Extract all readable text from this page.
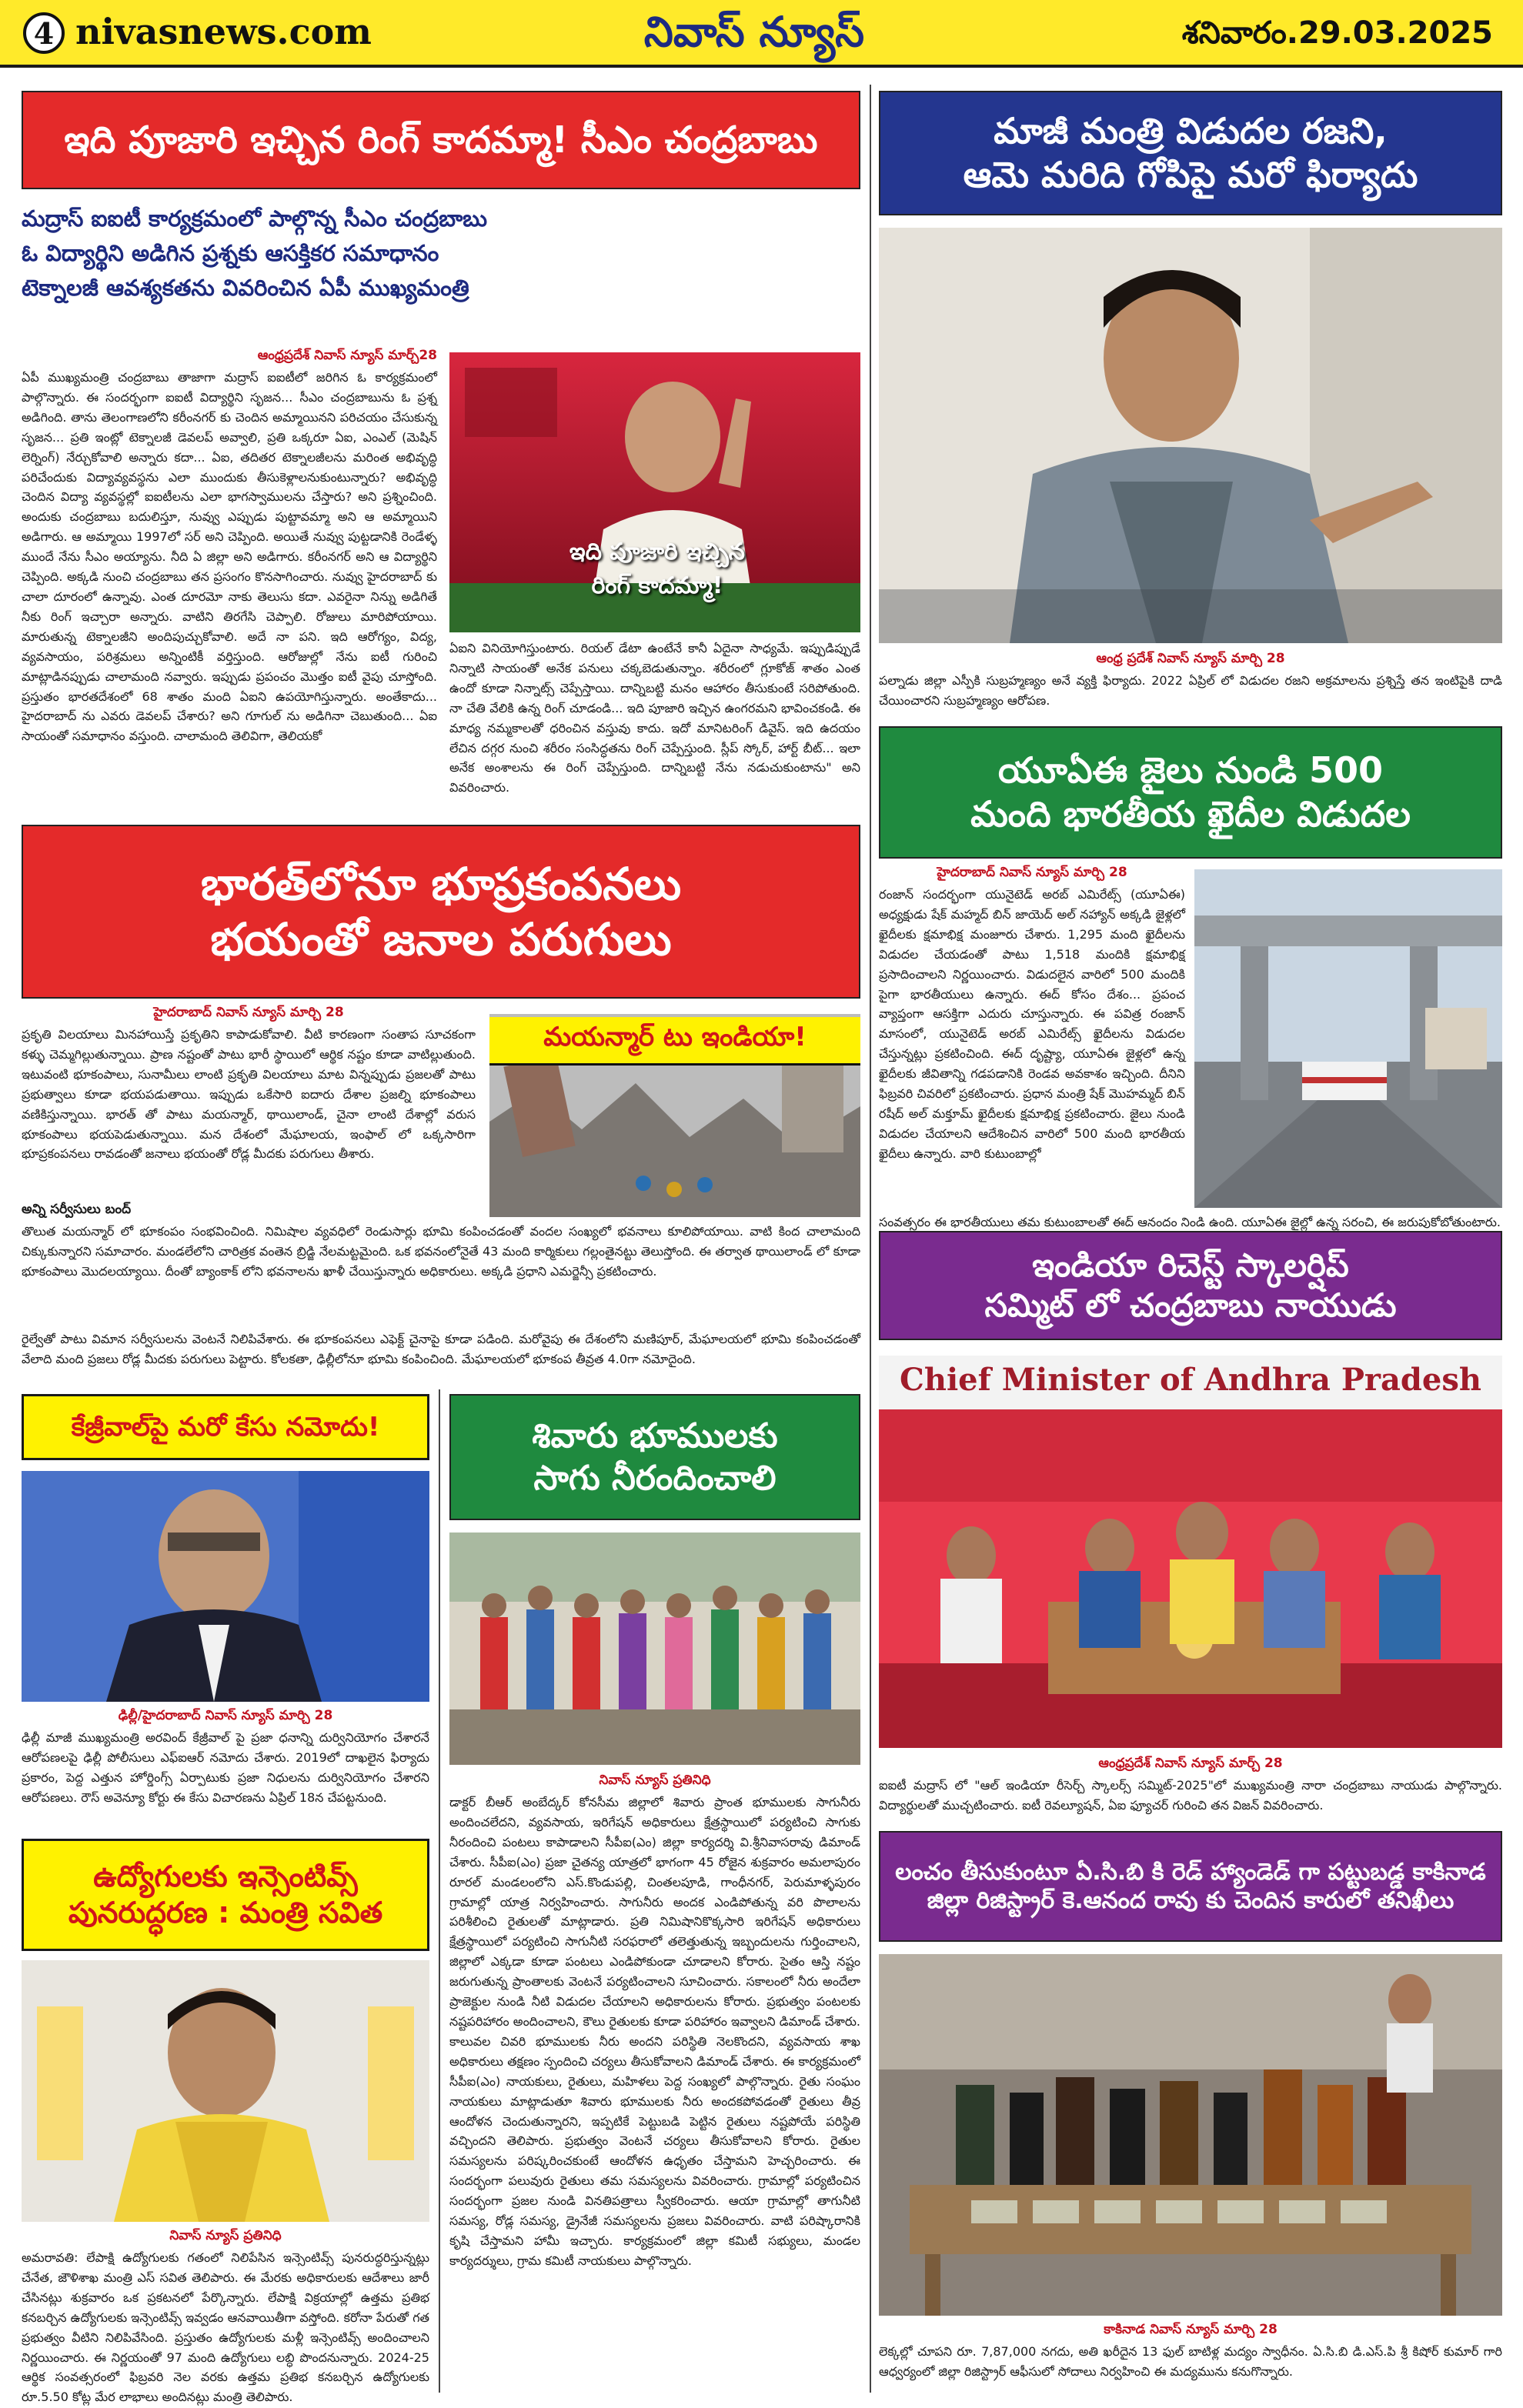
4 nivasnews.com	నివాస్ న్యూస్	శనివారం.29.03.2025
ఇది పూజారి ఇచ్చిన రింగ్ కాదమ్మా! సీఎం చంద్రబాబు
మద్రాస్ ఐఐటీ కార్యక్రమంలో పాల్గొన్న సీఎం చంద్రబాబు
ఓ విద్యార్థిని అడిగిన ప్రశ్నకు ఆసక్తికర సమాధానం
టెక్నాలజీ ఆవశ్యకతను వివరించిన ఏపీ ముఖ్యమంత్రి
ఆంధ్రప్రదేశ్ నివాస్ న్యూస్ మార్చ్28
ఏపీ ముఖ్యమంత్రి చంద్రబాబు తాజాగా మద్రాస్ ఐఐటీలో జరిగిన ఓ కార్యక్రమంలో పాల్గొన్నారు. ఈ సందర్భంగా ఐఐటీ విద్యార్థిని సృజన... సీఎం చంద్రబాబును ఓ ప్రశ్న అడిగింది. తాను తెలంగాణలోని కరీంనగర్ కు చెందిన అమ్మాయినని పరిచయం చేసుకున్న సృజన... ప్రతి ఇంట్లో టెక్నాలజీ డెవలప్ అవ్వాలి, ప్రతి ఒక్కరూ ఏఐ, ఎంఎల్ (మెషిన్ లెర్నింగ్) నేర్చుకోవాలి అన్నారు కదా... ఏఐ, తదితర టెక్నాలజీలను మరింత అభివృద్ధి పరిచేందుకు విద్యావ్యవస్థను ఎలా ముందుకు తీసుకెళ్లాలనుకుంటున్నారు? అభివృద్ధి చెందిన విద్యా వ్యవస్థల్లో ఐఐటీలను ఎలా భాగస్వాములను చేస్తారు? అని ప్రశ్నించింది. అందుకు చంద్రబాబు బదులిస్తూ, నువ్వు ఎప్పుడు పుట్టావమ్మా అని ఆ అమ్మాయిని అడిగారు. ఆ అమ్మాయి 1997లో సర్ అని చెప్పింది. అయితే నువ్వు పుట్టడానికి రెండేళ్ళ ముందే నేను సీఎం అయ్యాను. నీది ఏ జిల్లా అని అడిగారు. కరీంనగర్ అని ఆ విద్యార్థిని చెప్పింది. అక్కడి నుంచి చంద్రబాబు తన ప్రసంగం కొనసాగించారు. నువ్వు హైదరాబాద్ కు చాలా దూరంలో ఉన్నావు. ఎంత దూరమో నాకు తెలుసు కదా. ఎవరైనా నిన్ను అడిగితే నీకు రింగ్ ఇచ్చారా అన్నారు. వాటిని తిరగేసి చెప్పాలి. రోజులు మారిపోయాయి. మారుతున్న టెక్నాలజీని అందిపుచ్చుకోవాలి. అదే నా పని. ఇది ఆరోగ్యం, విద్య, వ్యవసాయం, పరిశ్రమలు అన్నింటికీ వర్తిస్తుంది. ఆరోజుల్లో నేను ఐటీ గురించి మాట్లాడినప్పుడు చాలామంది నవ్వారు. ఇప్పుడు ప్రపంచం మొత్తం ఐటీ వైపు చూస్తోంది. ప్రస్తుతం భారతదేశంలో 68 శాతం మంది ఏఐని ఉపయోగిస్తున్నారు. అంతేకాదు... హైదరాబాద్ ను ఎవరు డెవలప్ చేశారు? అని గూగుల్ ను అడిగినా చెబుతుంది... ఏఐ సాయంతో సమాధానం వస్తుంది. చాలామంది తెలివిగా, తెలియకో
ఇది పూజారి ఇచ్చిన
రింగ్ కాదమ్మా!
ఏఐని వినియోగిస్తుంటారు. రియల్ డేటా ఉంటేనే కానీ ఏదైనా సాధ్యమే. ఇప్పుడిప్పుడే నిన్నాటి సాయంతో అనేక పనులు చక్కబెడుతున్నాం. శరీరంలో గ్లూకోజ్ శాతం ఎంత ఉందో కూడా నిన్నాట్స్ చెప్పేస్తాయి. దాన్నిబట్టి మనం ఆహారం తీసుకుంటే సరిపోతుంది. నా చేతి వేలికి ఉన్న రింగ్ చూడండి... ఇది పూజారి ఇచ్చిన ఉంగరమని భావించకండి. ఈ మాధ్య నమ్మకాలతో ధరించిన వస్తువు కాదు. ఇదో మానిటరింగ్ డివైస్. ఇది ఉదయం లేచిన దగ్గర నుంచి శరీరం సంసిద్ధతను రింగ్ చెప్పేస్తుంది. స్లీప్ స్కోర్, హార్ట్ బీట్... ఇలా అనేక అంశాలను ఈ రింగ్ చెప్పేస్తుంది. దాన్నిబట్టి నేను నడుచుకుంటాను" అని వివరించారు.
మాజీ మంత్రి విడుదల రజని,
ఆమె మరిది గోపిపై మరో ఫిర్యాదు
ఆంధ్ర ప్రదేశ్ నివాస్ న్యూస్ మార్చి 28
పల్నాడు జిల్లా ఎస్పీకి సుబ్రహ్మణ్యం అనే వ్యక్తి ఫిర్యాదు. 2022 ఏప్రిల్ లో విడుదల రజని అక్రమాలను ప్రశ్నిస్తే తన ఇంటిపైకి దాడి చేయించారని సుబ్రహ్మణ్యం ఆరోపణ.
యూఏఈ జైలు నుండి 500
మంది భారతీయ ఖైదీల విడుదల
హైదరాబాద్ నివాస్ న్యూస్ మార్చి 28
రంజాన్ సందర్భంగా యునైటెడ్ అరబ్ ఎమిరేట్స్ (యూఏఈ) అధ్యక్షుడు షేక్ మహ్మద్ బిన్ జాయెద్ అల్ నహ్యాన్ అక్కడి జైళ్లలో ఖైదీలకు క్షమాభిక్ష మంజూరు చేశారు. 1,295 మంది ఖైదీలను విడుదల చేయడంతో పాటు 1,518 మందికి క్షమాభిక్ష ప్రసాదించాలని నిర్ణయించారు. విడుదలైన వారిలో 500 మందికి పైగా భారతీయులు ఉన్నారు. ఈద్ కోసం దేశం... ప్రపంచ వ్యాప్తంగా ఆసక్తిగా ఎదురు చూస్తున్నారు. ఈ పవిత్ర రంజాన్ మాసంలో, యునైటెడ్ అరబ్ ఎమిరేట్స్ ఖైదీలను విడుదల చేస్తున్నట్లు ప్రకటించింది. ఈద్ దృష్ట్యా, యూఏఈ జైళ్లలో ఉన్న ఖైదీలకు జీవితాన్ని గడపడానికి రెండవ అవకాశం ఇచ్చింది. దీనిని ఫిబ్రవరి చివరిలో ప్రకటించారు. ప్రధాన మంత్రి షేక్ మొహమ్మద్ బిన్ రషీద్ అల్ మక్తూమ్ ఖైదీలకు క్షమాభిక్ష ప్రకటించారు. జైలు నుండి విడుదల చేయాలని ఆదేశించిన వారిలో 500 మంది భారతీయ ఖైదీలు ఉన్నారు. వారి కుటుంబాల్లో
సంవత్సరం ఈ భారతీయులు తమ కుటుంబాలతో ఈద్ ఆనందం నిండి ఉంది. యూఏఈ జైల్లో ఉన్న సరంచి, ఈ జరుపుకోబోతుంటారు.
భారత్‌లోనూ భూప్రకంపనలు
భయంతో జనాల పరుగులు
హైదరాబాద్ నివాస్ న్యూస్ మార్చి 28
ప్రకృతి విలయాలు మినహాయిస్తే ప్రకృతిని కాపాడుకోవాలి. వీటి కారణంగా సంతాప సూచకంగా కళ్ళు చెమ్మగిల్లుతున్నాయి. ప్రాణ నష్టంతో పాటు భారీ స్థాయిలో ఆర్థిక నష్టం కూడా వాటిల్లుతుంది. ఇటువంటి భూకంపాలు, సునామీలు లాంటి ప్రకృతి విలయాలు మాట విన్నప్పుడు ప్రజలతో పాటు ప్రభుత్వాలు కూడా భయపడుతాయి. ఇప్పుడు ఒకేసారి ఐదారు దేశాల ప్రజల్ని భూకంపాలు వణికిస్తున్నాయి. భారత్ తో పాటు మయన్మార్, థాయిలాండ్, చైనా లాంటి దేశాల్లో వరుస భూకంపాలు భయపెడుతున్నాయి. మన దేశంలో మేఘాలయ, ఇంఫాల్ లో ఒక్కసారిగా భూప్రకంపనలు రావడంతో జనాలు భయంతో రోడ్ల మీదకు పరుగులు తీశారు.
అన్ని సర్వీసులు బంద్
తొలుత మయన్మార్ లో భూకంపం సంభవించింది. నిమిషాల వ్యవధిలో రెండుసార్లు భూమి కంపించడంతో వందల సంఖ్యలో భవనాలు కూలిపోయాయి. వాటి కింద చాలామంది చిక్కుకున్నారని సమాచారం. మండలేలోని చారిత్రక వంతెన బ్రిడ్జి నేలమట్టమైంది. ఒక భవనంలోనైతే 43 మంది కార్మికులు గల్లంతైనట్టు తెలుస్తోంది. ఈ తర్వాత థాయిలాండ్ లో కూడా భూకంపాలు మొదలయ్యాయి. దీంతో బ్యాంకాక్ లోని భవనాలను ఖాళీ చేయిస్తున్నారు అధికారులు. అక్కడి ప్రధాని ఎమర్జెన్సీ ప్రకటించారు.
మయన్మార్ టు ఇండియా!
రైల్వేతో పాటు విమాన సర్వీసులను వెంటనే నిలిపివేశారు. ఈ భూకంపనలు ఎఫెక్ట్ చైనాపై కూడా పడింది. మరోవైపు ఈ దేశంలోని మణిపూర్, మేఘాలయలో భూమి కంపించడంతో వేలాది మంది ప్రజలు రోడ్ల మీదకు పరుగులు పెట్టారు. కోలకతా, ఢిల్లీలోనూ భూమి కంపించింది. మేఘాలయలో భూకంప తీవ్రత 4.0గా నమోదైంది.
ఇండియా రిచెస్ట్ స్కాలర్షిప్
సమ్మిట్ లో చంద్రబాబు నాయుడు
Chief Minister of Andhra Pradesh
ఆంధ్రప్రదేశ్ నివాస్ న్యూస్ మార్చ్ 28
ఐఐటీ మద్రాస్ లో "ఆల్ ఇండియా రీసెర్చ్ స్కాలర్స్ సమ్మిట్-2025"లో ముఖ్యమంత్రి నారా చంద్రబాబు నాయుడు పాల్గొన్నారు. విద్యార్థులతో ముచ్చటించారు. ఐటీ రెవల్యూషన్, ఏఐ ఫ్యూచర్ గురించి తన విజన్ వివరించారు.
కేజ్రీవాల్‌పై మరో కేసు నమోదు!
ఢిల్లీ/హైదరాబాద్ నివాస్ న్యూస్ మార్చి 28
ఢిల్లీ మాజీ ముఖ్యమంత్రి అరవింద్ కేజ్రీవాల్ పై ప్రజా ధనాన్ని దుర్వినియోగం చేశారనే ఆరోపణలపై ఢిల్లీ పోలీసులు ఎఫ్ఐఆర్ నమోదు చేశారు. 2019లో దాఖలైన ఫిర్యాదు ప్రకారం, పెద్ద ఎత్తున హోర్డింగ్స్ ఏర్పాటుకు ప్రజా నిధులను దుర్వినియోగం చేశారని ఆరోపణలు. రౌస్ అవెన్యూ కోర్టు ఈ కేసు విచారణను ఏప్రిల్ 18న చేపట్టనుంది.
శివారు భూములకు
సాగు నీరందించాలి
నివాస్ న్యూస్ ప్రతినిధి
డాక్టర్ బీఆర్ అంబేద్కర్ కోనసీమ జిల్లాలో శివారు ప్రాంత భూములకు సాగునీరు అందించలేదని, వ్యవసాయ, ఇరిగేషన్ అధికారులు క్షేత్రస్థాయిలో పర్యటించి సాగుకు నీరందించి పంటలు కాపాడాలని సీపీఐ(ఎం) జిల్లా కార్యదర్శి వి.శ్రీనివాసరావు డిమాండ్ చేశారు. సీపీఐ(ఎం) ప్రజా చైతన్య యాత్రలో భాగంగా 45 రోజైన శుక్రవారం అమలాపురం రూరల్ మండలంలోని ఎస్.కొండుపల్లి, చింతలపూడి, గాంధీనగర్, పెరుమాళ్ళపురం గ్రామాల్లో యాత్ర నిర్వహించారు. సాగునీరు అందక ఎండిపోతున్న వరి పొలాలను పరిశీలించి రైతులతో మాట్లాడారు. ప్రతి నిమిషానికొక్కసారి ఇరిగేషన్ అధికారులు క్షేత్రస్థాయిలో పర్యటించి సాగునీటి సరఫరాలో తలెత్తుతున్న ఇబ్బందులను గుర్తించాలని, జిల్లాలో ఎక్కడా కూడా పంటలు ఎండిపోకుండా చూడాలని కోరారు. సైతం ఆస్తి నష్టం జరుగుతున్న ప్రాంతాలకు వెంటనే పర్యటించాలని సూచించారు. సకాలంలో నీరు అందేలా ప్రాజెక్టుల నుండి నీటి విడుదల చేయాలని అధికారులను కోరారు. ప్రభుత్వం పంటలకు నష్టపరిహారం అందించాలని, కౌలు రైతులకు కూడా పరిహారం ఇవ్వాలని డిమాండ్ చేశారు. కాలువల చివరి భూములకు నీరు అందని పరిస్థితి నెలకొందని, వ్యవసాయ శాఖ అధికారులు తక్షణం స్పందించి చర్యలు తీసుకోవాలని డిమాండ్ చేశారు. ఈ కార్యక్రమంలో సీపీఐ(ఎం) నాయకులు, రైతులు, మహిళలు పెద్ద సంఖ్యలో పాల్గొన్నారు. రైతు సంఘం నాయకులు మాట్లాడుతూ శివారు భూములకు నీరు అందకపోవడంతో రైతులు తీవ్ర ఆందోళన చెందుతున్నారని, ఇప్పటికే పెట్టుబడి పెట్టిన రైతులు నష్టపోయే పరిస్థితి వచ్చిందని తెలిపారు. ప్రభుత్వం వెంటనే చర్యలు తీసుకోవాలని కోరారు. రైతుల సమస్యలను పరిష్కరించకుంటే ఆందోళన ఉధృతం చేస్తామని హెచ్చరించారు. ఈ సందర్భంగా పలువురు రైతులు తమ సమస్యలను వివరించారు. గ్రామాల్లో పర్యటించిన సందర్భంగా ప్రజల నుండి వినతిపత్రాలు స్వీకరించారు. ఆయా గ్రామాల్లో తాగునీటి సమస్య, రోడ్ల సమస్య, డ్రైనేజీ సమస్యలను ప్రజలు వివరించారు. వాటి పరిష్కారానికి కృషి చేస్తామని హామీ ఇచ్చారు. కార్యక్రమంలో జిల్లా కమిటీ సభ్యులు, మండల కార్యదర్శులు, గ్రామ కమిటీ నాయకులు పాల్గొన్నారు.
లంచం తీసుకుంటూ ఏ.సి.బి కి రెడ్ హ్యాండెడ్ గా పట్టుబడ్డ కాకినాడ
జిల్లా రిజిస్ట్రార్ కె.ఆనంద రావు కు చెందిన కారులో తనిఖీలు
కాకినాడ నివాస్ న్యూస్ మార్చి 28
లెక్కల్లో చూపని రూ. 7,87,000 నగదు, అతి ఖరీదైన 13 ఫుల్ బాటిళ్ల మద్యం స్వాధీనం. ఏ.సి.బి డి.ఎస్.పి శ్రీ కిషోర్ కుమార్ గారి ఆధ్వర్యంలో జిల్లా రిజిస్ట్రార్ ఆఫీసులో సోదాలు నిర్వహించి ఈ మద్యమును కనుగొన్నారు.
ఉద్యోగులకు ఇన్సెంటివ్స్
పునరుద్ధరణ : మంత్రి సవిత
నివాస్ న్యూస్ ప్రతినిధి
అమరావతి: లేపాక్షి ఉద్యోగులకు గతంలో నిలిపేసిన ఇన్సెంటివ్స్ పునరుద్ధరిస్తున్నట్లు చేనేత, జౌళిశాఖ మంత్రి ఎస్ సవిత తెలిపారు. ఈ మేరకు అధికారులకు ఆదేశాలు జారీ చేసినట్లు శుక్రవారం ఒక ప్రకటనలో పేర్కొన్నారు. లేపాక్షి విక్రయాల్లో ఉత్తమ ప్రతిభ కనబర్చిన ఉద్యోగులకు ఇన్సెంటివ్స్ ఇవ్వడం ఆనవాయితీగా వస్తోంది. కరోనా పేరుతో గత ప్రభుత్వం వీటిని నిలిపివేసింది. ప్రస్తుతం ఉద్యోగులకు మళ్లీ ఇన్సెంటివ్స్ అందించాలని నిర్ణయించారు. ఈ నిర్ణయంతో 97 మంది ఉద్యోగులు లబ్ధి పొందనున్నారు. 2024-25 ఆర్థిక సంవత్సరంలో ఫిబ్రవరి నెల వరకు ఉత్తమ ప్రతిభ కనబర్చిన ఉద్యోగులకు రూ.5.50 కోట్ల మేర లాభాలు అందినట్లు మంత్రి తెలిపారు.
